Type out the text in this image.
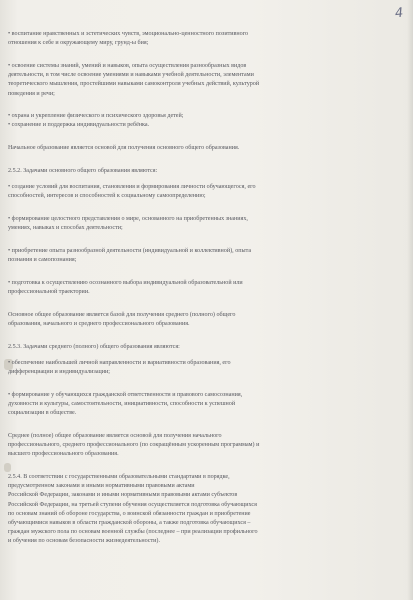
4

• воспитание нравственных и эстетических чувств, эмоционально-ценностного позитивного
отношения к себе и окружающему миру, грунд-ы бия;

• освоение системы знаний, умений и навыков, опыта осуществления разнообразных видов
деятельности, в том числе освоение умениями и навыками учебной деятельности, элементами
теоретического мышления, простейшими навыками самоконтроля учебных действий, культурой
поведения и речи;

• охрана и укрепление физического и психического здоровья детей;
• сохранение и поддержка индивидуальности ребёнка.

Начальное образование является основой для получения основного общего образования.

2.5.2. Задачами основного общего образования являются:

• создание условий для воспитания, становления и формирования личности обучающегося, его
способностей, интересов и способностей к социальному самоопределению;

• формирование целостного представления о мире, основанного на приобретенных знаниях,
умениях, навыках и способах деятельности;

• приобретение опыта разнообразной деятельности (индивидуальной и коллективной), опыта
познания и самопознания;

• подготовка к осуществлению осознанного выбора индивидуальной образовательной или
профессиональной траектории.

Основное общее образование является базой для получения среднего (полного) общего
образования, начального и среднего профессионального образования.

2.5.3. Задачами среднего (полного) общего образования являются:

• обеспечение наибольшей личной направленности и вариативности образования, его
дифференциации и индивидуализации;

• формирование у обучающихся гражданской ответственности и правового самосознания,
духовности и культуры, самостоятельности, инициативности, способности к успешной
социализации в обществе.

Среднее (полное) общее образование является основой для получения начального
профессионального, среднего профессионального (по сокращённым ускоренным программам) и
высшего профессионального образования.

2.5.4. В соответствии с государственными образовательными стандартами в порядке,
предусмотренном законами и иными нормативными правовыми актами
Российской Федерации, законами и иными нормативными правовыми актами субъектов
Российской Федерации, на третьей ступени обучения осуществляется подготовка обучающихся
по основам знаний об обороне государства, о воинской обязанности граждан и приобретение
обучающимися навыков в области гражданской обороны, а также подготовка обучающихся –
граждан мужского пола по основам военной службы (последнее – при реализации профильного
и обучения по основам безопасности жизнедеятельности).
